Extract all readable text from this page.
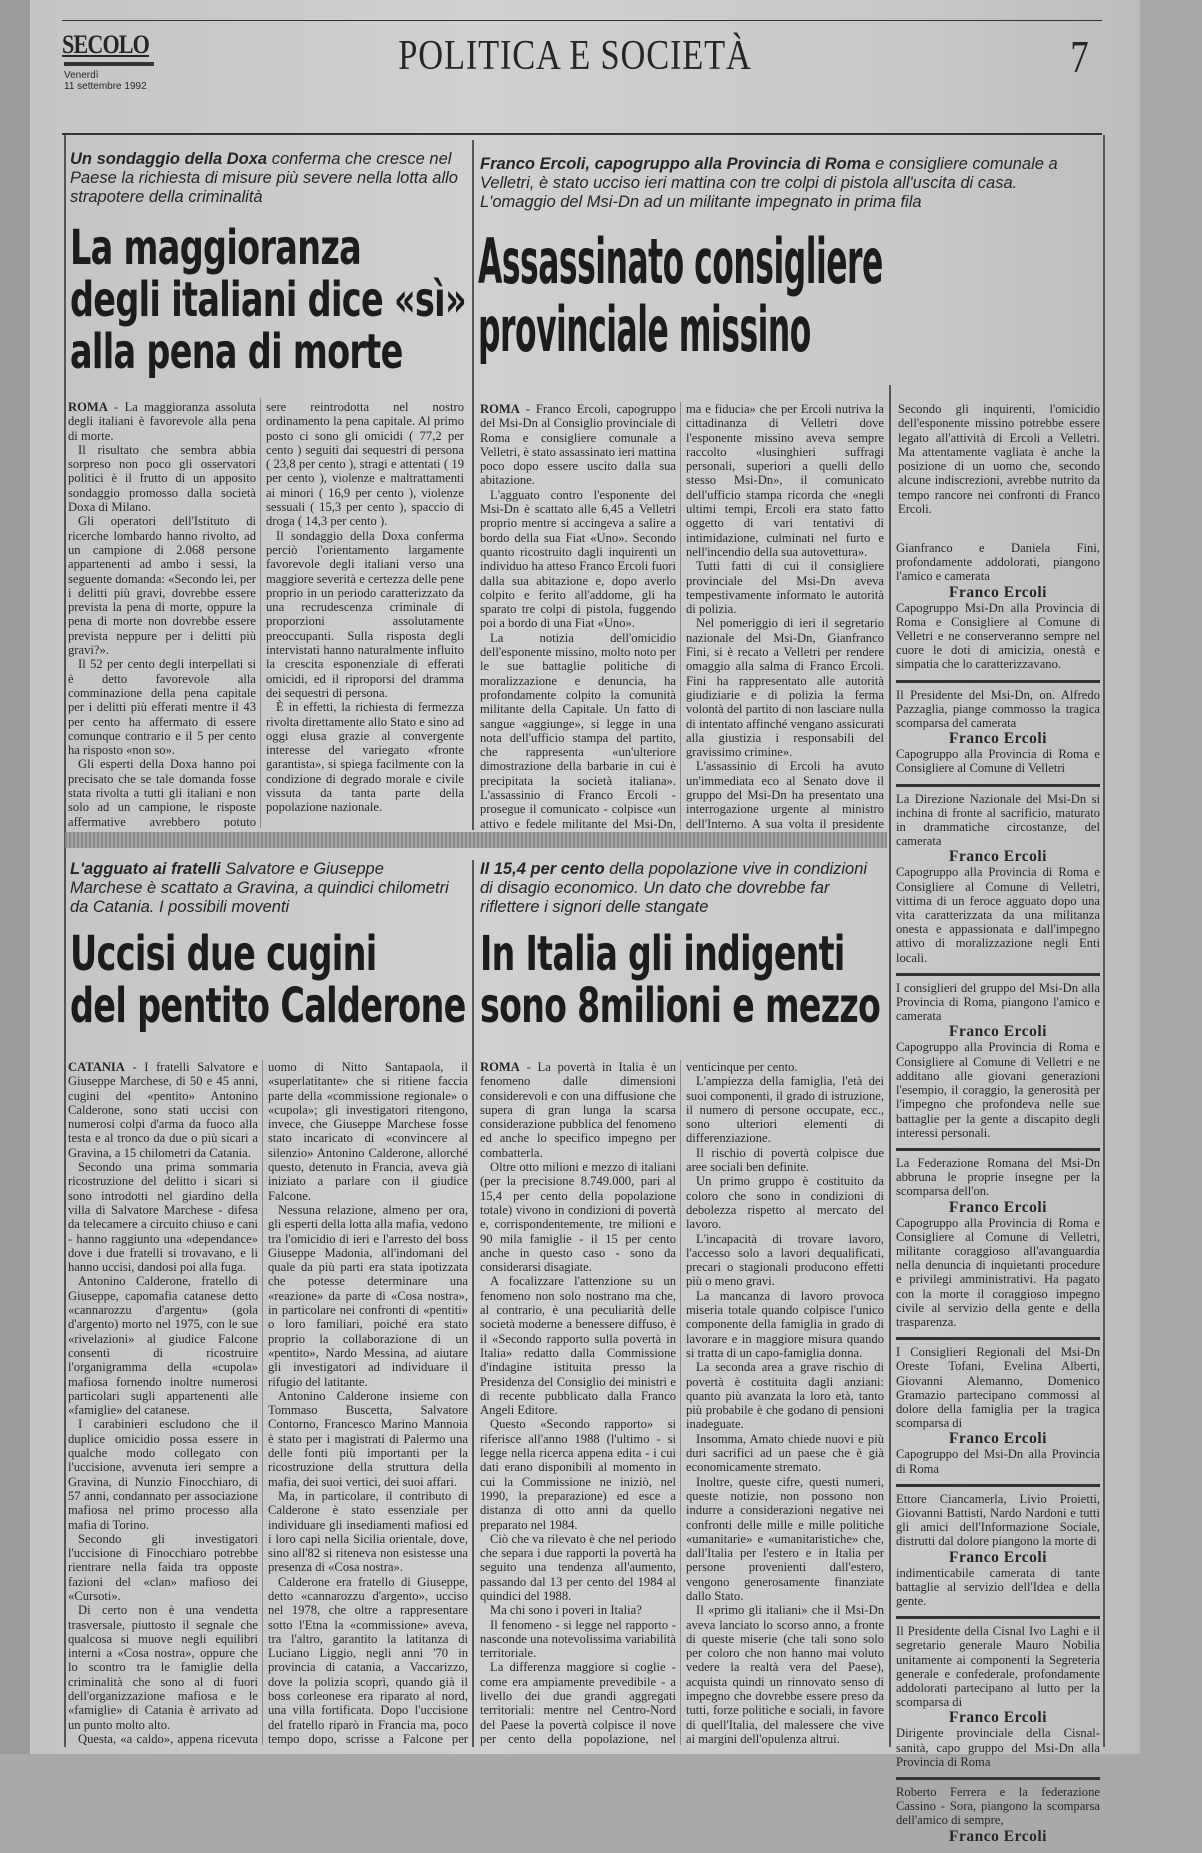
SECOLO
Venerdì
11 settembre 1992
POLITICA E SOCIETÀ	7
Un sondaggio della Doxa conferma che cresce nel Paese la richiesta di misure più severe nella lotta allo strapotere della criminalità
La maggioranza
degli italiani dice «sì»
alla pena di morte

ROMA - La maggioranza assoluta degli italiani è favorevole alla pena di morte.

Il risultato che sembra abbia sorpreso non poco gli osservatori politici è il frutto di un apposito sondaggio promosso dalla società Doxa di Milano.

Gli operatori dell'Istituto di ricerche lombardo hanno rivolto, ad un campione di 2.068 persone appartenenti ad ambo i sessi, la seguente domanda: «Secondo lei, per i delitti più gravi, dovrebbe essere prevista la pena di morte, oppure la pena di morte non dovrebbe essere prevista neppure per i delitti più gravi?».

Il 52 per cento degli interpellati si è detto favorevole alla comminazione della pena capitale per i delitti più efferati mentre il 43 per cento ha affermato di essere comunque contrario e il 5 per cento ha risposto «non so».

Gli esperti della Doxa hanno poi precisato che se tale domanda fosse stata rivolta a tutti gli italiani e non solo ad un campione, le risposte affermative avrebbero potuto

sere reintrodotta nel nostro ordinamento la pena capitale. Al primo posto ci sono gli omicidi ( 77,2 per cento ) seguiti dai sequestri di persona ( 23,8 per cento ), stragi e attentati ( 19 per cento ), violenze e maltrattamenti ai minori ( 16,9 per cento ), violenze sessuali ( 15,3 per cento ), spaccio di droga ( 14,3 per cento ).

Il sondaggio della Doxa conferma perciò l'orientamento largamente favorevole degli italiani verso una maggiore severità e certezza delle pene proprio in un periodo caratterizzato da una recrudescenza criminale di proporzioni assolutamente preoccupanti. Sulla risposta degli intervistati hanno naturalmente influito la crescita esponenziale di efferati omicidi, ed il riproporsi del dramma dei sequestri di persona.

È in effetti, la richiesta di fermezza rivolta direttamente allo Stato e sino ad oggi elusa grazie al convergente interesse del variegato «fronte garantista», si spiega facilmente con la condizione di degrado morale e civile vissuta da tanta parte della popolazione nazionale.

Franco Ercoli, capogruppo alla Provincia di Roma e consigliere comunale a Velletri, è stato ucciso ieri mattina con tre colpi di pistola all'uscita di casa. L'omaggio del Msi-Dn ad un militante impegnato in prima fila
Assassinato consigliere
provinciale missino

ROMA - Franco Ercoli, capogruppo del Msi-Dn al Consiglio provinciale di Roma e consigliere comunale a Velletri, è stato assassinato ieri mattina poco dopo essere uscito dalla sua abitazione.

L'agguato contro l'esponente del Msi-Dn è scattato alle 6,45 a Velletri proprio mentre si accingeva a salire a bordo della sua Fiat «Uno». Secondo quanto ricostruito dagli inquirenti un individuo ha atteso Franco Ercoli fuori dalla sua abitazione e, dopo averlo colpito e ferito all'addome, gli ha sparato tre colpi di pistola, fuggendo poi a bordo di una Fiat «Uno».

La notizia dell'omicidio dell'esponente missino, molto noto per le sue battaglie politiche di moralizzazione e denuncia, ha profondamente colpito la comunità militante della Capitale. Un fatto di sangue «aggiunge», si legge in una nota dell'ufficio stampa del partito, che rappresenta «un'ulteriore dimostrazione della barbarie in cui è precipitata la società italiana». L'assassinio di Franco Ercoli - prosegue il comunicato - colpisce «un attivo e fedele militante del Msi-Dn,

ma e fiducia» che per Ercoli nutriva la cittadinanza di Velletri dove l'esponente missino aveva sempre raccolto «lusinghieri suffragi personali, superiori a quelli dello stesso Msi-Dn», il comunicato dell'ufficio stampa ricorda che «negli ultimi tempi, Ercoli era stato fatto oggetto di vari tentativi di intimidazione, culminati nel furto e nell'incendio della sua autovettura».

Tutti fatti di cui il consigliere provinciale del Msi-Dn aveva tempestivamente informato le autorità di polizia.

Nel pomeriggio di ieri il segretario nazionale del Msi-Dn, Gianfranco Fini, si è recato a Velletri per rendere omaggio alla salma di Franco Ercoli. Fini ha rappresentato alle autorità giudiziarie e di polizia la ferma volontà del partito di non lasciare nulla di intentato affinché vengano assicurati alla giustizia i responsabili del gravissimo crimine».

L'assassinio di Ercoli ha avuto un'immediata eco al Senato dove il gruppo del Msi-Dn ha presentato una interrogazione urgente al ministro dell'Interno. A sua volta il presidente

Secondo gli inquirenti, l'omicidio dell'esponente missino potrebbe essere legato all'attività di Ercoli a Velletri. Ma attentamente vagliata è anche la posizione di un uomo che, secondo alcune indiscrezioni, avrebbe nutrito da tempo rancore nei confronti di Franco Ercoli.

L'agguato ai fratelli Salvatore e Giuseppe Marchese è scattato a Gravina, a quindici chilometri da Catania. I possibili moventi
Uccisi due cugini
del pentito Calderone

CATANIA - I fratelli Salvatore e Giuseppe Marchese, di 50 e 45 anni, cugini del «pentito» Antonino Calderone, sono stati uccisi con numerosi colpi d'arma da fuoco alla testa e al tronco da due o più sicari a Gravina, a 15 chilometri da Catania.

Secondo una prima sommaria ricostruzione del delitto i sicari si sono introdotti nel giardino della villa di Salvatore Marchese - difesa da telecamere a circuito chiuso e cani - hanno raggiunto una «dependance» dove i due fratelli si trovavano, e li hanno uccisi, dandosi poi alla fuga.

Antonino Calderone, fratello di Giuseppe, capomafia catanese detto «cannarozzu d'argentu» (gola d'argento) morto nel 1975, con le sue «rivelazioni» al giudice Falcone consentì di ricostruire l'organigramma della «cupola» mafiosa fornendo inoltre numerosi particolari sugli appartenenti alle «famiglie» del catanese.

I carabinieri escludono che il duplice omicidio possa essere in qualche modo collegato con l'uccisione, avvenuta ieri sempre a Gravina, di Nunzio Finocchiaro, di 57 anni, condannato per associazione mafiosa nel primo processo alla mafia di Torino.

Secondo gli investigatori l'uccisione di Finocchiaro potrebbe rientrare nella faida tra opposte fazioni del «clan» mafioso dei «Cursoti».

Di certo non è una vendetta trasversale, piuttosto il segnale che qualcosa si muove negli equilibri interni a «Cosa nostra», oppure che lo scontro tra le famiglie della criminalità che sono al di fuori dell'organizzazione mafiosa e le «famiglie» di Catania è arrivato ad un punto molto alto.

Questa, «a caldo», appena ricevuta

uomo di Nitto Santapaola, il «superlatitante» che si ritiene faccia parte della «commissione regionale» o «cupola»; gli investigatori ritengono, invece, che Giuseppe Marchese fosse stato incaricato di «convincere al silenzio» Antonino Calderone, allorché questo, detenuto in Francia, aveva già iniziato a parlare con il giudice Falcone.

Nessuna relazione, almeno per ora, gli esperti della lotta alla mafia, vedono tra l'omicidio di ieri e l'arresto del boss Giuseppe Madonia, all'indomani del quale da più parti era stata ipotizzata che potesse determinare una «reazione» da parte di «Cosa nostra», in particolare nei confronti di «pentiti» o loro familiari, poiché era stato proprio la collaborazione di un «pentito», Nardo Messina, ad aiutare gli investigatori ad individuare il rifugio del latitante.

Antonino Calderone insieme con Tommaso Buscetta, Salvatore Contorno, Francesco Marino Mannoia è stato per i magistrati di Palermo una delle fonti più importanti per la ricostruzione della struttura della mafia, dei suoi vertici, dei suoi affari.

Ma, in particolare, il contributo di Calderone è stato essenziale per individuare gli insediamenti mafiosi ed i loro capi nella Sicilia orientale, dove, sino all'82 si riteneva non esistesse una presenza di «Cosa nostra».

Calderone era fratello di Giuseppe, detto «cannarozzu d'argento», ucciso nel 1978, che oltre a rappresentare sotto l'Etna la «commissione» aveva, tra l'altro, garantito la latitanza di Luciano Liggio, negli anni '70 in provincia di catania, a Vaccarizzo, dove la polizia scoprì, quando già il boss corleonese era riparato al nord, una villa fortificata. Dopo l'uccisione del fratello riparò in Francia ma, poco tempo dopo, scrisse a Falcone per

Il 15,4 per cento della popolazione vive in condizioni di disagio economico. Un dato che dovrebbe far riflettere i signori delle stangate
In Italia gli indigenti
sono 8milioni e mezzo

ROMA - La povertà in Italia è un fenomeno dalle dimensioni considerevoli e con una diffusione che supera di gran lunga la scarsa considerazione pubblica del fenomeno ed anche lo specifico impegno per combatterla.

Oltre otto milioni e mezzo di italiani (per la precisione 8.749.000, pari al 15,4 per cento della popolazione totale) vivono in condizioni di povertà e, corrispondentemente, tre milioni e 90 mila famiglie - il 15 per cento anche in questo caso - sono da considerarsi disagiate.

A focalizzare l'attenzione su un fenomeno non solo nostrano ma che, al contrario, è una peculiarità delle società moderne a benessere diffuso, è il «Secondo rapporto sulla povertà in Italia» redatto dalla Commissione d'indagine istituita presso la Presidenza del Consiglio dei ministri e di recente pubblicato dalla Franco Angeli Editore.

Questo «Secondo rapporto» si riferisce all'anno 1988 (l'ultimo - si legge nella ricerca appena edita - i cui dati erano disponibili al momento in cui la Commissione ne iniziò, nel 1990, la preparazione) ed esce a distanza di otto anni da quello preparato nel 1984.

Ciò che va rilevato è che nel periodo che separa i due rapporti la povertà ha seguito una tendenza all'aumento, passando dal 13 per cento del 1984 al quindici del 1988.

Ma chi sono i poveri in Italia?

Il fenomeno - si legge nel rapporto - nasconde una notevolissima variabilità territoriale.

La differenza maggiore si coglie - come era ampiamente prevedibile - a livello dei due grandi aggregati territoriali: mentre nel Centro-Nord del Paese la povertà colpisce il nove per cento della popolazione, nel

venticinque per cento.

L'ampiezza della famiglia, l'età dei suoi componenti, il grado di istruzione, il numero di persone occupate, ecc., sono ulteriori elementi di differenziazione.

Il rischio di povertà colpisce due aree sociali ben definite.

Un primo gruppo è costituito da coloro che sono in condizioni di debolezza rispetto al mercato del lavoro.

L'incapacità di trovare lavoro, l'accesso solo a lavori dequalificati, precari o stagionali producono effetti più o meno gravi.

La mancanza di lavoro provoca miseria totale quando colpisce l'unico componente della famiglia in grado di lavorare e in maggiore misura quando si tratta di un capo-famiglia donna.

La seconda area a grave rischio di povertà è costituita dagli anziani: quanto più avanzata la loro età, tanto più probabile è che godano di pensioni inadeguate.

Insomma, Amato chiede nuovi e più duri sacrifici ad un paese che è già economicamente stremato.

Inoltre, queste cifre, questi numeri, queste notizie, non possono non indurre a considerazioni negative nei confronti delle mille e mille politiche «umanitarie» e «umanitaristiche» che, dall'Italia per l'estero e in Italia per persone provenienti dall'estero, vengono generosamente finanziate dallo Stato.

Il «primo gli italiani» che il Msi-Dn aveva lanciato lo scorso anno, a fronte di queste miserie (che tali sono solo per coloro che non hanno mai voluto vedere la realtà vera del Paese), acquista quindi un rinnovato senso di impegno che dovrebbe essere preso da tutti, forze politiche e sociali, in favore di quell'Italia, del malessere che vive ai margini dell'opulenza altrui.

Gianfranco e Daniela Fini, profondamente addolorati, piangono l'amico e camerata
Franco Ercoli
Capogruppo Msi-Dn alla Provincia di Roma e Consigliere al Comune di Velletri e ne conserveranno sempre nel cuore le doti di amicizia, onestà e simpatia che lo caratterizzavano.
Il Presidente del Msi-Dn, on. Alfredo Pazzaglia, piange commosso la tragica scomparsa del camerata
Franco Ercoli
Capogruppo alla Provincia di Roma e Consigliere al Comune di Velletri
La Direzione Nazionale del Msi-Dn si inchina di fronte al sacrificio, maturato in drammatiche circostanze, del camerata
Franco Ercoli
Capogruppo alla Provincia di Roma e Consigliere al Comune di Velletri, vittima di un feroce agguato dopo una vita caratterizzata da una militanza onesta e appassionata e dall'impegno attivo di moralizzazione negli Enti locali.
I consiglieri del gruppo del Msi-Dn alla Provincia di Roma, piangono l'amico e camerata
Franco Ercoli
Capogruppo alla Provincia di Roma e Consigliere al Comune di Velletri e ne additano alle giovani generazioni l'esempio, il coraggio, la generosità per l'impegno che profondeva nelle sue battaglie per la gente a discapito degli interessi personali.
La Federazione Romana del Msi-Dn abbruna le proprie insegne per la scomparsa dell'on.
Franco Ercoli
Capogruppo alla Provincia di Roma e Consigliere al Comune di Velletri, militante coraggioso all'avanguardia nella denuncia di inquietanti procedure e privilegi amministrativi. Ha pagato con la morte il coraggioso impegno civile al servizio della gente e della trasparenza.
I Consiglieri Regionali del Msi-Dn Oreste Tofani, Evelina Alberti, Giovanni Alemanno, Domenico Gramazio partecipano commossi al dolore della famiglia per la tragica scomparsa di
Franco Ercoli
Capogruppo del Msi-Dn alla Provincia di Roma
Ettore Ciancamerla, Livio Proietti, Giovanni Battisti, Nardo Nardoni e tutti gli amici dell'Informazione Sociale, distrutti dal dolore piangono la morte di
Franco Ercoli
indimenticabile camerata di tante battaglie al servizio dell'Idea e della gente.
Il Presidente della Cisnal Ivo Laghi e il segretario generale Mauro Nobilia unitamente ai componenti la Segreteria generale e confederale, profondamente addolorati partecipano al lutto per la scomparsa di
Franco Ercoli
Dirigente provinciale della Cisnal-sanità, capo gruppo del Msi-Dn alla Provincia di Roma
Roberto Ferrera e la federazione Cassino - Sora, piangono la scomparsa dell'amico di sempre,
Franco Ercoli
